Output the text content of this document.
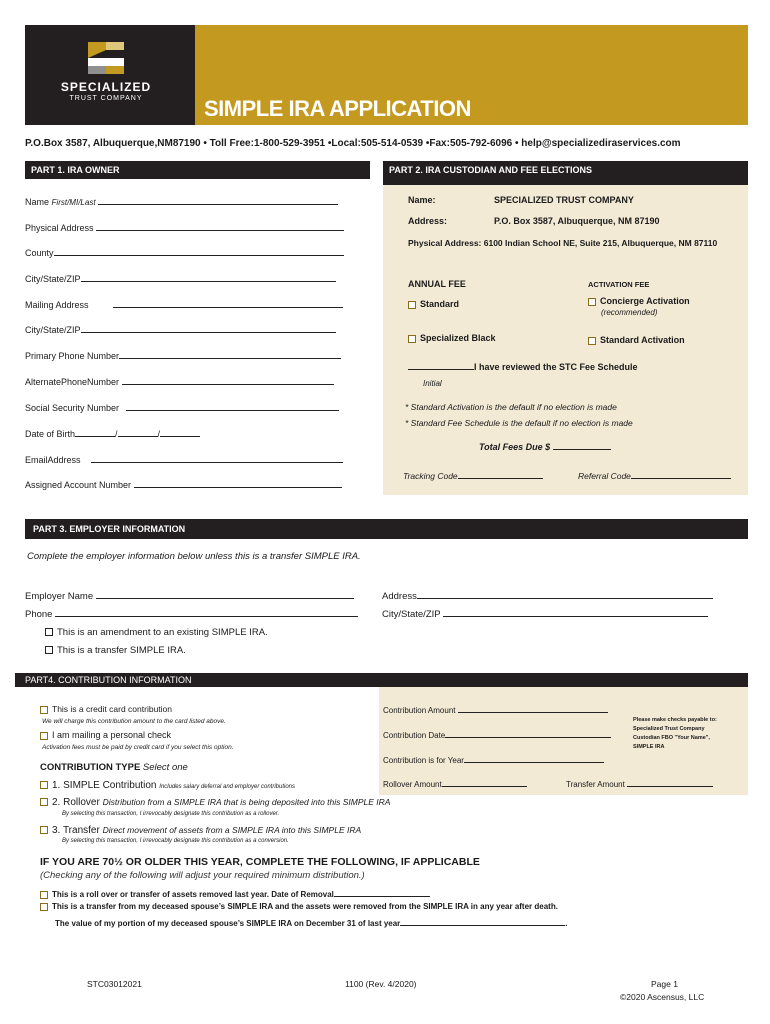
SPECIALIZED
TRUST COMPANY	SIMPLE IRA APPLICATION
P.O.Box 3587, Albuquerque,NM87190 • Toll Free:1-800-529-3951 •Local:505-514-0539 •Fax:505-792-6096 • help@specializediraservices.com
PART 1. IRA OWNER
Name First/MI/Last
Physical Address
County
City/State/ZIP
Mailing Address
City/State/ZIP
Primary Phone Number
AlternatePhoneNumber
Social Security Number
Date of Birth	/	/
EmailAddress
Assigned Account Number
PART 2. IRA CUSTODIAN AND FEE ELECTIONS
Name:	SPECIALIZED TRUST COMPANY
Address:	P.O. Box 3587, Albuquerque, NM 87190
Physical Address: 6100 Indian School NE, Suite 215, Albuquerque, NM 87110
ANNUAL FEE	ACTIVATION FEE
Standard	Concierge Activation
(recommended)
Specialized Black	Standard Activation
I have reviewed the STC Fee Schedule
Initial
* Standard Activation is the default if no election is made
* Standard Fee Schedule is the default if no election is made
Total Fees Due $
Tracking Code	Referral Code
PART 3. EMPLOYER INFORMATION
Complete the employer information below unless this is a transfer SIMPLE IRA.
Employer Name	Address
Phone	City/State/ZIP
This is an amendment to an existing SIMPLE IRA.
This is a transfer SIMPLE IRA.
PART4. CONTRIBUTION INFORMATION
This is a credit card contribution
We will charge this contribution amount to the card listed above.
I am mailing a personal check
Activation fees must be paid by credit card if you select this option.
Contribution Amount
Contribution Date
Contribution is for Year
Rollover Amount	Transfer Amount
Please make checks payable to:
Specialized Trust Company
Custodian FBO "Your Name",
SIMPLE IRA
CONTRIBUTION TYPE Select one
1. SIMPLE Contribution Includes salary deferral and employer contributions
2. Rollover Distribution from a SIMPLE IRA that is being deposited into this SIMPLE IRA
By selecting this transaction, I irrevocably designate this contribution as a rollover.
3. Transfer Direct movement of assets from a SIMPLE IRA into this SIMPLE IRA
By selecting this transaction, I irrevocably designate this contribution as a conversion.
IF YOU ARE 70½ OR OLDER THIS YEAR, COMPLETE THE FOLLOWING, IF APPLICABLE
(Checking any of the following will adjust your required minimum distribution.)
This is a roll over or transfer of assets removed last year. Date of Removal
This is a transfer from my deceased spouse’s SIMPLE IRA and the assets were removed from the SIMPLE IRA in any year after death.
The value of my portion of my deceased spouse’s SIMPLE IRA on December 31 of last year	.
STC03012021	1100 (Rev. 4/2020)	Page 1
©2020 Ascensus, LLC
